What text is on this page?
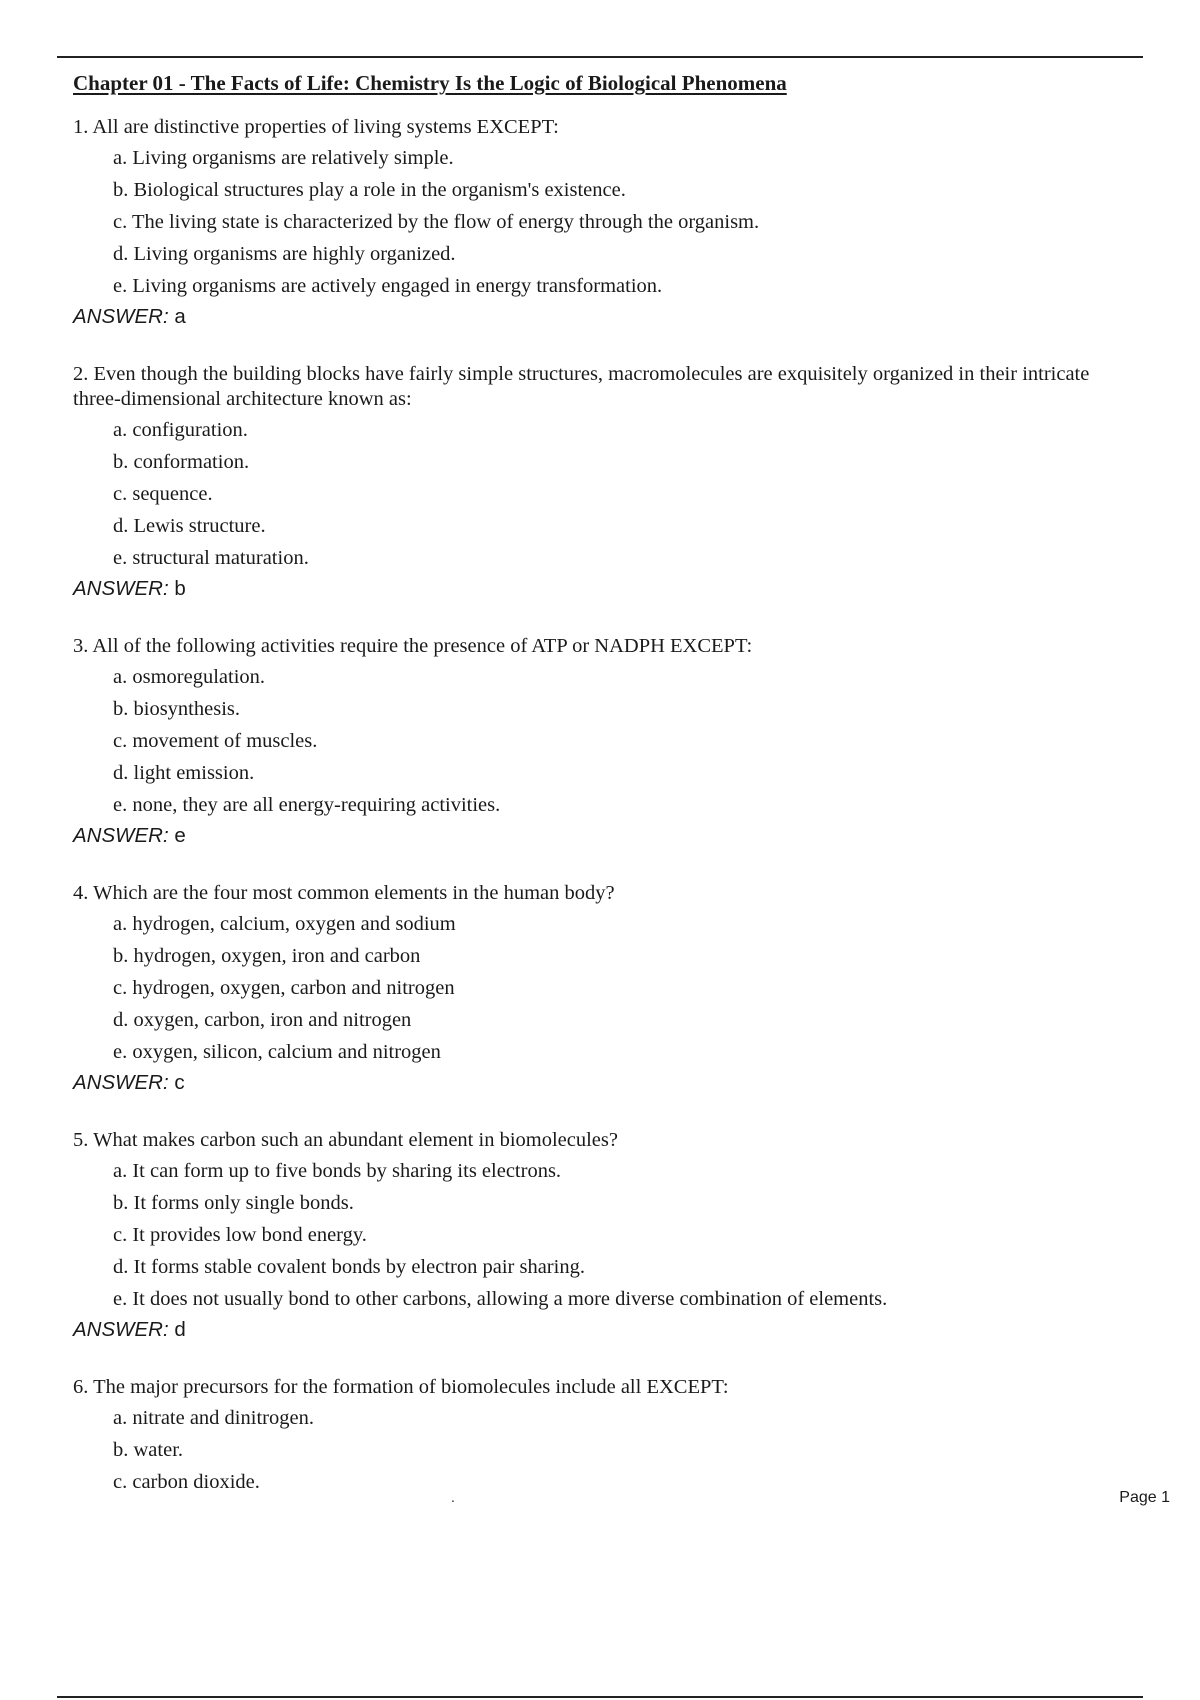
Chapter 01 - The Facts of Life: Chemistry Is the Logic of Biological Phenomena
1. All are distinctive properties of living systems EXCEPT:
a. Living organisms are relatively simple.
b. Biological structures play a role in the organism's existence.
c. The living state is characterized by the flow of energy through the organism.
d. Living organisms are highly organized.
e. Living organisms are actively engaged in energy transformation.

ANSWER: a

2. Even though the building blocks have fairly simple structures, macromolecules are exquisitely organized in their intricate three-dimensional architecture known as:
a. configuration.
b. conformation.
c. sequence.
d. Lewis structure.
e. structural maturation.

ANSWER: b

3. All of the following activities require the presence of ATP or NADPH EXCEPT:
a. osmoregulation.
b. biosynthesis.
c. movement of muscles.
d. light emission.
e. none, they are all energy-requiring activities.

ANSWER: e

4. Which are the four most common elements in the human body?
a. hydrogen, calcium, oxygen and sodium
b. hydrogen, oxygen, iron and carbon
c. hydrogen, oxygen, carbon and nitrogen
d. oxygen, carbon, iron and nitrogen
e. oxygen, silicon, calcium and nitrogen

ANSWER: c

5. What makes carbon such an abundant element in biomolecules?
a. It can form up to five bonds by sharing its electrons.
b. It forms only single bonds.
c. It provides low bond energy.
d. It forms stable covalent bonds by electron pair sharing.
e. It does not usually bond to other carbons, allowing a more diverse combination of elements.

ANSWER: d

6. The major precursors for the formation of biomolecules include all EXCEPT:
a. nitrate and dinitrogen.
b. water.
c. carbon dioxide.
.	Page 1
